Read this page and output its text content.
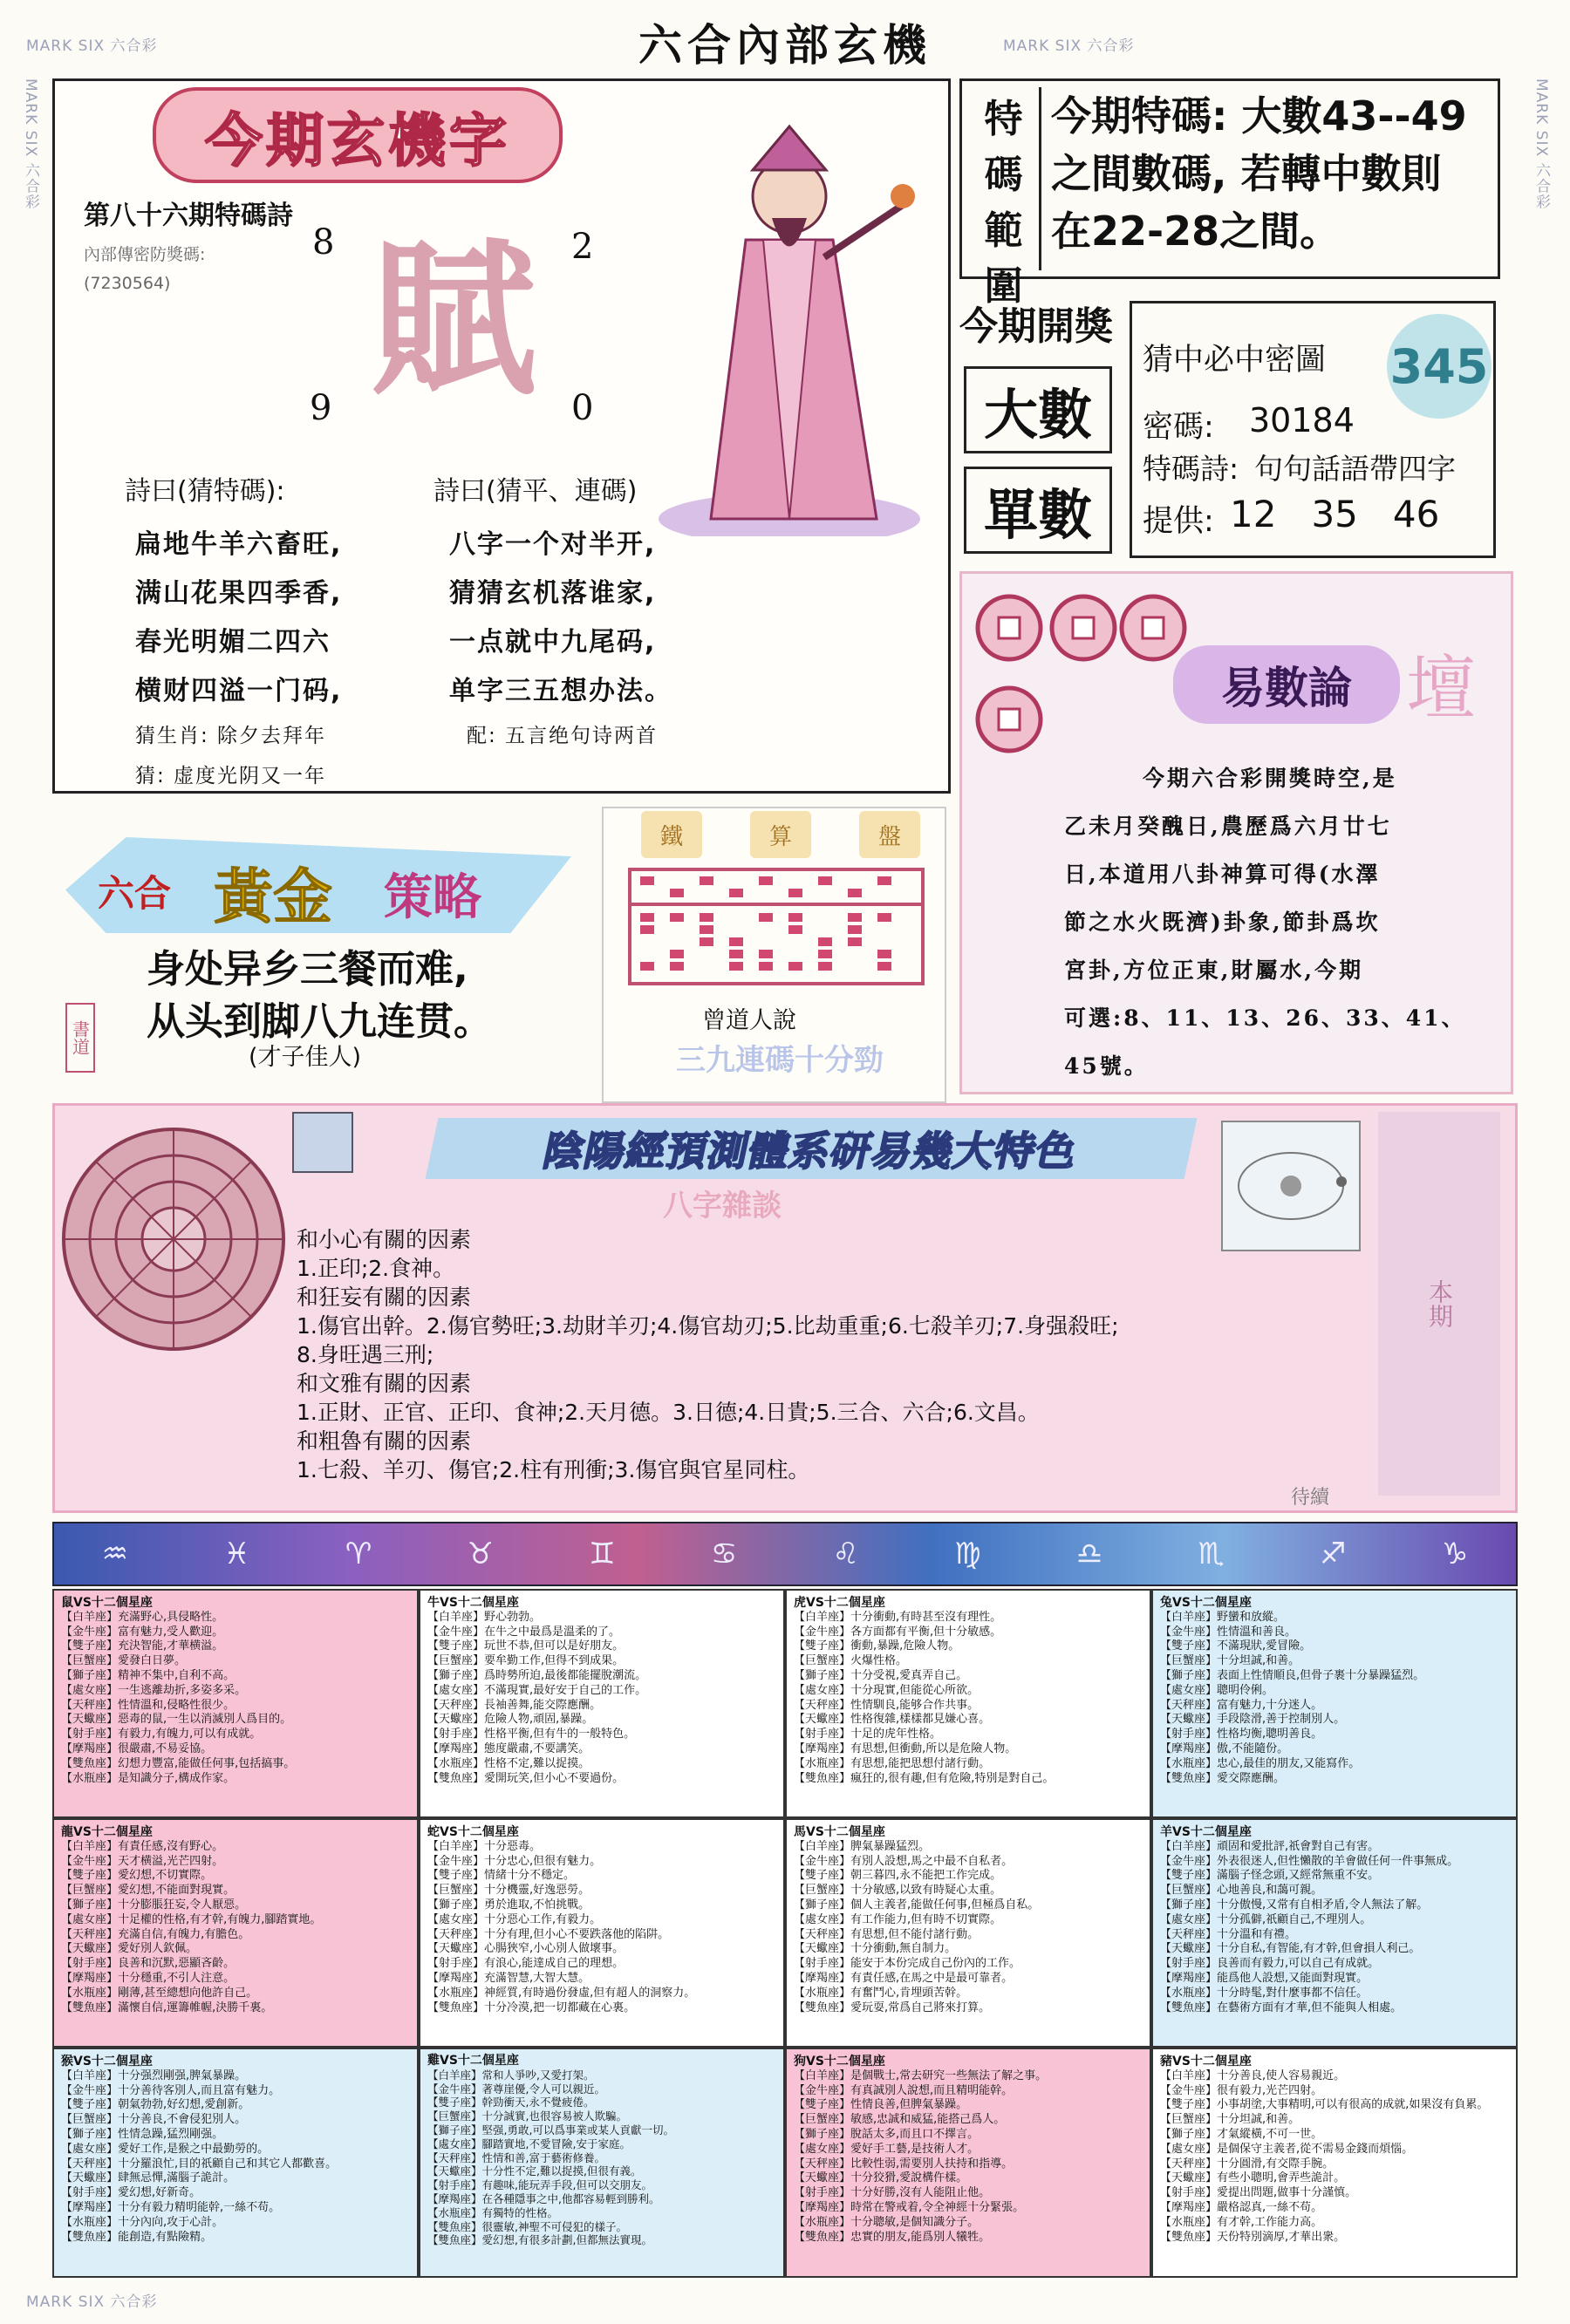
MARK SIX 六合彩	MARK SIX 六合彩
MARK SIX 六合彩
MARK SIX 六合彩	MARK SIX 六合彩
六合內部玄機
今期玄機字
第八十六期特碼詩
內部傳密防獎碼:
(7230564)
8	2
9	0
賦
詩曰(猜特碼):	詩曰(猜平、連碼)
扁地牛羊六畜旺,
满山花果四季香,
春光明媚二四六
横财四溢一门码,
猜生肖: 除夕去拜年
猜: 虚度光阴又一年
八字一个对半开,
猜猜玄机落谁家,
一点就中九尾码,
单字三五想办法。
配: 五言绝句诗两首
特
碼
範
圍
今期特碼: 大數43--49
之間數碼, 若轉中數則
在22-28之間。
今期開獎
大數
單數
猜中必中密圖 345
密碼: 30184
特碼詩: 句句話語帶四字
提供: 12 35 46
易數論 壇
今期六合彩開獎時空,是
乙未月癸醜日,農歷爲六月廿七
日,本道用八卦神算可得(水澤
節之水火既濟)卦象,節卦爲坎
宮卦,方位正東,財屬水,今期
可選:8、11、13、26、33、41、
45號。
六合 黃金 策略
身处异乡三餐而难,
从头到脚八九连贯。
(才子佳人)
書道
鐵	算	盤
曾道人說
三九連碼十分勁
陰陽經預測體系研易幾大特色
本期
八字雜談
和小心有關的因素
1.正印;2.食神。
和狂妄有關的因素
1.傷官出幹。2.傷官勢旺;3.劫財羊刃;4.傷官劫刃;5.比劫重重;6.七殺羊刃;7.身强殺旺;
8.身旺遇三刑;
和文雅有關的因素
1.正財、正官、正印、食神;2.天月德。3.日德;4.日貴;5.三合、六合;6.文昌。
和粗魯有關的因素
1.七殺、羊刃、傷官;2.柱有刑衝;3.傷官與官星同柱。
待續
♒	♓	♈	♉	♊	♋	♌	♍	♎	♏	♐	♑
鼠VS十二個星座
【白羊座】充滿野心,具侵略性。
【金牛座】富有魅力,受人歡迎。
【雙子座】充決智能,才華横溢。
【巨蟹座】愛發白日夢。
【獅子座】精神不集中,自利不高。
【處女座】一生逃離劫折,多姿多采。
【天秤座】性情溫和,侵略性很少。
【天蠍座】惡毒的鼠,一生以消滅別人爲目的。
【射手座】有毅力,有魄力,可以有成就。
【摩羯座】很嚴肅,不易妥協。
【雙魚座】幻想力豐富,能做任何事,包括搞事。
【水瓶座】是知識分子,構成作家。
牛VS十二個星座
【白羊座】野心勃勃。
【金牛座】在牛之中最爲是溫柔的了。
【雙子座】玩世不恭,但可以是好朋友。
【巨蟹座】要牟勤工作,但得不到成果。
【獅子座】爲時勢所迫,最後都能擺脫潮流。
【處女座】不滿現實,最好安于自己的工作。
【天秤座】長袖善舞,能交際應酬。
【天蠍座】危險人物,頑固,暴躁。
【射手座】性格平衡,但有牛的一般特色。
【摩羯座】態度嚴肅,不要講笑。
【水瓶座】性格不定,難以捉摸。
【雙魚座】愛開玩笑,但小心不要過份。
虎VS十二個星座
【白羊座】十分衝動,有時甚至沒有理性。
【金牛座】各方面都有平衡,但十分敏感。
【雙子座】衝動,暴躁,危險人物。
【巨蟹座】火爆性格。
【獅子座】十分受視,愛真弄自己。
【處女座】十分現實,但能從心所欲。
【天秤座】性情馴良,能够合作共事。
【天蠍座】性格復雜,樣樣都見嫌心喜。
【射手座】十足的虎年性格。
【摩羯座】有思想,但衝動,所以是危險人物。
【水瓶座】有思想,能把思想付諸行動。
【雙魚座】瘋狂的,很有趣,但有危險,特別是對自己。
兔VS十二個星座
【白羊座】野蠻和放縱。
【金牛座】性情溫和善良。
【雙子座】不滿現狀,愛冒險。
【巨蟹座】十分坦誠,和善。
【獅子座】表面上性情順良,但骨子裹十分暴躁猛烈。
【處女座】聰明伶俐。
【天秤座】富有魅力,十分迷人。
【天蠍座】手段陰滑,善于控制別人。
【射手座】性格均衡,聰明善良。
【摩羯座】傲,不能隨份。
【水瓶座】忠心,最佳的朋友,又能寫作。
【雙魚座】愛交際應酬。
龍VS十二個星座
【白羊座】有責任感,沒有野心。
【金牛座】天才横溢,光芒四射。
【雙子座】愛幻想,不切實際。
【巨蟹座】愛幻想,不能面對現實。
【獅子座】十分膨脹狂妄,令人厭惡。
【處女座】十足權的性格,有才幹,有魄力,腳踏實地。
【天秤座】充滿自信,有魄力,有膽色。
【天蠍座】愛好別人欽佩。
【射手座】良善和沉默,惡顯吝齡。
【摩羯座】十分穩重,不引人注意。
【水瓶座】剛薄,甚至總想向他許自己。
【雙魚座】滿懷自信,運籌帷幄,決勝千裏。
蛇VS十二個星座
【白羊座】十分惡毒。
【金牛座】十分忠心,但很有魅力。
【雙子座】情緒十分不穩定。
【巨蟹座】十分機靈,好逸惡勞。
【獅子座】勇於進取,不怕挑戰。
【處女座】十分惡心工作,有毅力。
【天秤座】十分有理,但小心不要跌落他的陷阱。
【天蠍座】心腸狹窄,小心別人做壞事。
【射手座】有浪心,能達成自己的理想。
【摩羯座】充滿智慧,大智大慧。
【水瓶座】神經質,有時過份發虛,但有超人的洞察力。
【雙魚座】十分冷漠,把一切都藏在心裏。
馬VS十二個星座
【白羊座】脾氣暴躁猛烈。
【金牛座】有別人設想,馬之中最不自私者。
【雙子座】朝三暮四,永不能把工作完成。
【巨蟹座】十分敏感,以致有時疑心太重。
【獅子座】個人主義者,能做任何事,但極爲自私。
【處女座】有工作能力,但有時不切實際。
【天秤座】有思想,但不能付諸行動。
【天蠍座】十分衝動,無自制力。
【射手座】能安于本份完成自己份內的工作。
【摩羯座】有責任感,在馬之中是最可靠者。
【水瓶座】有奮鬥心,肯埋頭苦幹。
【雙魚座】愛玩耍,常爲自己將來打算。
羊VS十二個星座
【白羊座】頑固和愛批評,祇會對自己有害。
【金牛座】外表很迷人,但性懶散的羊會做任何一件事無成。
【雙子座】滿腦子怪念頭,又經常無重不安。
【巨蟹座】心地善良,和藹可親。
【獅子座】十分傲慢,又常有自相矛盾,令人無法了解。
【處女座】十分孤僻,祇顧自己,不理別人。
【天秤座】十分溫和有禮。
【天蠍座】十分自私,有智能,有才幹,但會損人利己。
【射手座】良善而有毅力,可以自己有成就。
【摩羯座】能爲他人設想,又能面對現實。
【水瓶座】十分時髦,對什麼事都不信任。
【雙魚座】在藝術方面有才華,但不能與人相處。
猴VS十二個星座
【白羊座】十分强烈剛强,脾氣暴躁。
【金牛座】十分善待客別人,而且富有魅力。
【雙子座】朝氣勃勃,好幻想,愛創新。
【巨蟹座】十分善良,不會侵犯別人。
【獅子座】性情急躁,猛烈剛强。
【處女座】愛好工作,是猴之中最勤勞的。
【天秤座】十分羅浪忙,目的祇顧自己和其它人都歡喜。
【天蠍座】肆無忌憚,滿腦子詭計。
【射手座】愛幻想,好新奇。
【摩羯座】十分有毅力精明能幹,一絲不苟。
【水瓶座】十分內向,攻于心計。
【雙魚座】能創造,有點險精。
雞VS十二個星座
【白羊座】常和人爭吵,又愛打架。
【金牛座】著尊崖優,令人可以親近。
【雙子座】幹勁衝天,永不覺疲倦。
【巨蟹座】十分誠實,也很容易被人欺騙。
【獅子座】堅强,勇敢,可以爲事業或某人貢獻一切。
【處女座】腳踏實地,不愛冒險,安于家庭。
【天秤座】性情和善,富于藝術修養。
【天蠍座】十分性不定,難以捉摸,但很有義。
【射手座】有趣味,能玩弄手段,但可以交朋友。
【摩羯座】在各種隱事之中,他都容易輕到勝利。
【水瓶座】有獨特的性格。
【雙魚座】很靈敏,神聖不可侵犯的樣子。
【雙魚座】愛幻想,有很多計劃,但都無法實現。
狗VS十二個星座
【白羊座】是個戰士,常去研究一些無法了解之事。
【金牛座】有真誠別人說想,而且精明能幹。
【雙子座】性情良善,但脾氣暴躁。
【巨蟹座】敏感,忠誠和威猛,能搭己爲人。
【獅子座】脫話太多,而且口不擇言。
【處女座】愛好手工藝,是技術人才。
【天秤座】比較性弱,需要別人扶持和指導。
【天蠍座】十分狡猾,愛說構仵樣。
【射手座】十分好勝,沒有人能阻止他。
【摩羯座】時常在警戒着,令全神經十分緊張。
【水瓶座】十分聰敏,是個知識分子。
【雙魚座】忠實的朋友,能爲別人犧牲。
豬VS十二個星座
【白羊座】十分善良,使人容易親近。
【金牛座】很有毅力,光芒四射。
【雙子座】小事胡塗,大事精明,可以有很高的成就,如果沒有負累。
【巨蟹座】十分坦誠,和善。
【獅子座】才氣縱橫,不可一世。
【處女座】是個保守主義者,從不需易金錢而煩惱。
【天秤座】十分圓滑,有交際手腕。
【天蠍座】有些小聰明,會弄些詭計。
【射手座】愛提出問題,做事十分謹慎。
【摩羯座】嚴格認真,一絲不苟。
【水瓶座】有才幹,工作能力高。
【雙魚座】天份特別滴厚,才華出衆。
